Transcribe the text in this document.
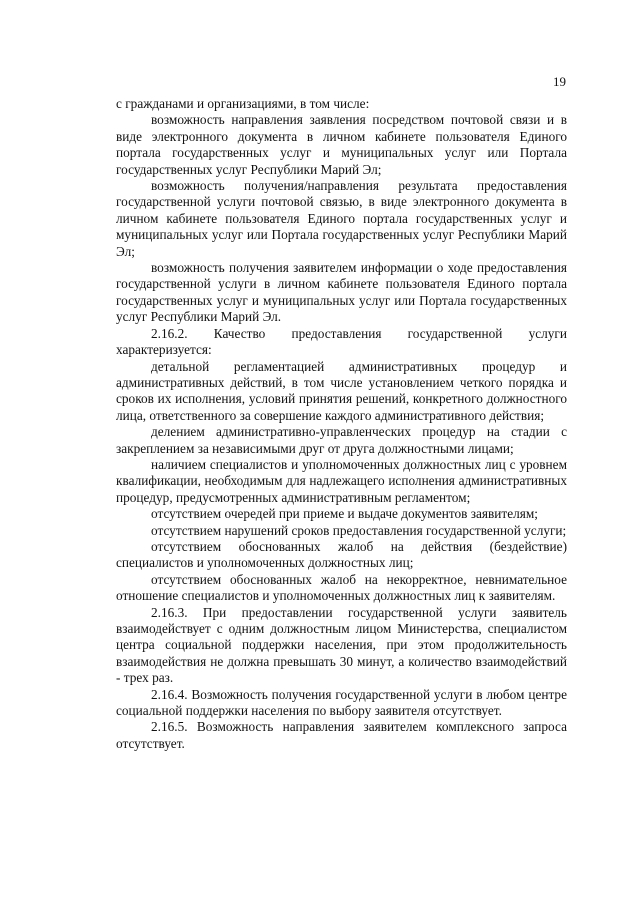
19

с гражданами и организациями, в том числе:

возможность направления заявления посредством почтовой связи и в виде электронного документа в личном кабинете пользователя Единого портала государственных услуг и муниципальных услуг или Портала государственных услуг Республики Марий Эл;

возможность получения/направления результата предоставления государственной услуги почтовой связью, в виде электронного документа в личном кабинете пользователя Единого портала государственных услуг и муниципальных услуг или Портала государственных услуг Республики Марий Эл;

возможность получения заявителем информации о ходе предоставления государственной услуги в личном кабинете пользователя Единого портала государственных услуг и муниципальных услуг или Портала государственных услуг Республики Марий Эл.

2.16.2. Качество предоставления государственной услуги характеризуется:

детальной регламентацией административных процедур и административных действий, в том числе установлением четкого порядка и сроков их исполнения, условий принятия решений, конкретного должностного лица, ответственного за совершение каждого административного действия;

делением административно-управленческих процедур на стадии с закреплением за независимыми друг от друга должностными лицами;

наличием специалистов и уполномоченных должностных лиц с уровнем квалификации, необходимым для надлежащего исполнения административных процедур, предусмотренных административным регламентом;

отсутствием очередей при приеме и выдаче документов заявителям;

отсутствием нарушений сроков предоставления государственной услуги;

отсутствием обоснованных жалоб на действия (бездействие) специалистов и уполномоченных должностных лиц;

отсутствием обоснованных жалоб на некорректное, невнимательное отношение специалистов и уполномоченных должностных лиц к заявителям.

2.16.3. При предоставлении государственной услуги заявитель взаимодействует с одним должностным лицом Министерства, специалистом центра социальной поддержки населения, при этом продолжительность взаимодействия не должна превышать 30 минут, а количество взаимодействий - трех раз.

2.16.4. Возможность получения государственной услуги в любом центре социальной поддержки населения по выбору заявителя отсутствует.

2.16.5. Возможность направления заявителем комплексного запроса отсутствует.
